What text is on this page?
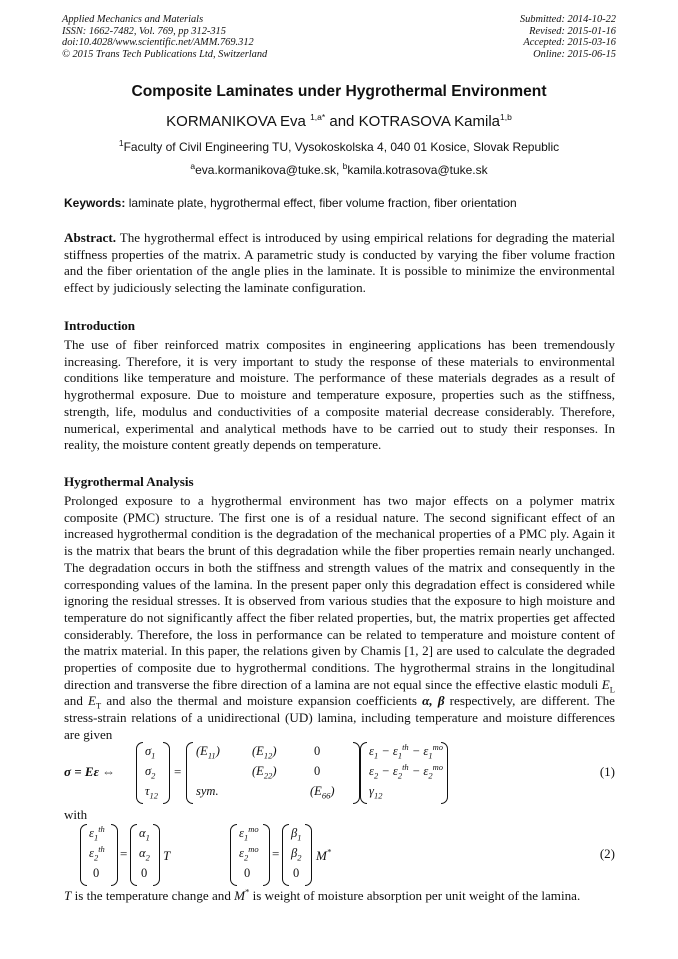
Applied Mechanics and Materials
ISSN: 1662-7482, Vol. 769, pp 312-315
doi:10.4028/www.scientific.net/AMM.769.312
© 2015 Trans Tech Publications Ltd, Switzerland
Submitted: 2014-10-22
Revised: 2015-01-16
Accepted: 2015-03-16
Online: 2015-06-15
Composite Laminates under Hygrothermal Environment
KORMANIKOVA Eva $^{1,a*}$ and KOTRASOVA Kamila$^{1,b}$
$^1$Faculty of Civil Engineering TU, Vysokoskolska 4, 040 01 Kosice, Slovak Republic
$^a$eva.kormanikova@tuke.sk, $^b$kamila.kotrasova@tuke.sk
Keywords: laminate plate, hygrothermal effect, fiber volume fraction, fiber orientation

Abstract. The hygrothermal effect is introduced by using empirical relations for degrading the material stiffness properties of the matrix. A parametric study is conducted by varying the fiber volume fraction and the fiber orientation of the angle plies in the laminate. It is possible to minimize the environmental effect by judiciously selecting the laminate configuration.

Introduction

The use of fiber reinforced matrix composites in engineering applications has been tremendously increasing. Therefore, it is very important to study the response of these materials to environmental conditions like temperature and moisture. The performance of these materials degrades as a result of hygrothermal exposure. Due to moisture and temperature exposure, properties such as the stiffness, strength, life, modulus and conductivities of a composite material decrease considerably. Therefore, numerical, experimental and analytical methods have to be carried out to study their responses. In reality, the moisture content greatly depends on temperature.

Hygrothermal Analysis

Prolonged exposure to a hygrothermal environment has two major effects on a polymer matrix composite (PMC) structure. The first one is of a residual nature. The second significant effect of an increased hygrothermal condition is the degradation of the mechanical properties of a PMC ply. Again it is the matrix that bears the brunt of this degradation while the fiber properties remain nearly unchanged. The degradation occurs in both the stiffness and strength values of the matrix and consequently in the corresponding values of the lamina. In the present paper only this degradation effect is considered while ignoring the residual stresses. It is observed from various studies that the exposure to high moisture and temperature do not significantly affect the fiber related properties, but, the matrix properties get affected considerably. Therefore, the loss in performance can be related to temperature and moisture content of the matrix material. In this paper, the relations given by Chamis [1, 2] are used to calculate the degraded properties of composite due to hygrothermal conditions. The hygrothermal strains in the longitudinal direction and transverse the fibre direction of a lamina are not equal since the effective elastic moduli $E_L$ and $E_T$ and also the thermal and moisture expansion coefficients α, β respectively, are different. The stress-strain relations of a unidirectional (UD) lamina, including temperature and moisture differences are given

σ = Eε ⇔
$\sigma_1$
$\sigma_2$
$\tau_{12}$
=
$(E_{11})$	$(E_{12})$	0
$(E_{22})$	0
sym.	$(E_{66})$
$\varepsilon_1 - \varepsilon_1^{th} - \varepsilon_1^{mo}$
$\varepsilon_2 - \varepsilon_2^{th} - \varepsilon_2^{mo}$
$\gamma_{12}$
(1)
with
$\varepsilon_1^{th}$
$\varepsilon_2^{th}$
0
=
$\alpha_1$
$\alpha_2$
0
T
$\varepsilon_1^{mo}$
$\varepsilon_2^{mo}$
0
=
$\beta_1$
$\beta_2$
0
M*	(2)

T is the temperature change and M* is weight of moisture absorption per unit weight of the lamina.
